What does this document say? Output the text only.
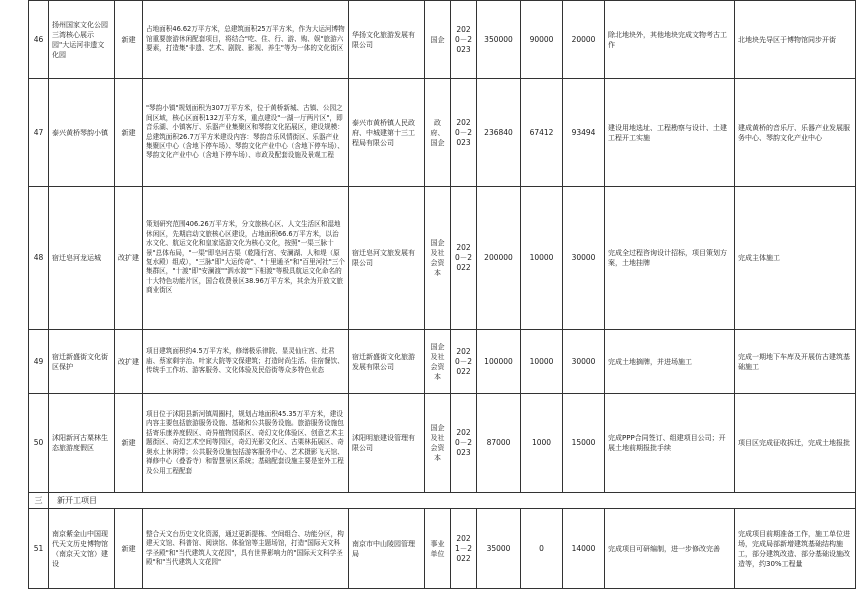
46	扬州国家文化公园三湾核心展示园"大运河非遗文化园	新建	占地面积46.62万平方米，总建筑面积25万平方米，作为大运河博物馆重要旅游休闲配套项目，将结合"吃、住、行、游、购、娱"旅游六要素，打造集"非遗、艺术、剧院、影视、养生"等为一体的文化街区	华扬文化旅游发展有限公司	国企	2020－2023	350000	90000	20000	除北地块外，其他地块完成文物考古工作	北地块先导区于博物馆同步开街
47	泰兴黄桥琴韵小镇	新建	"琴韵小镇"规划面积为307万平方米，位于黄桥新城、古镇、公园之间区域，核心区面积132万平方米，重点建设"一湖一厅两片区"，即音乐湖、小镇客厅、乐器产业集聚区和琴韵文化拓展区，建设规模：总建筑面积26.7万平方米建设内容：琴韵音乐风情街区、乐器产业集聚区中心（含地下停车场）、琴韵文化产业中心（含地下停车场）、琴韵文化产业中心（含地下停车场）、市政及配套设施及景观工程	泰兴市黄桥镇人民政府、中城建第十三工程局有限公司	政府、国企	2020－2023	236840	67412	93494	建设用地选址、工程勘察与设计、土建工程开工实施	建成黄桥的音乐厅、乐器产业发展服务中心、琴韵文化产业中心
48	宿迁皂河龙运城	改扩建	策划研究范围406.26万平方米，分文旅核心区、人文生活区和湿地休闲区，先期启动文旅核心区建设，占地面积66.6万平方米，以治水文化、航运文化和皇家巡游文化为核心文化，按照"一渠三脉十景"总体布局，"一渠"即皂河古渠（乾隆行宫、安澜湖、人和堤（原复水殿）组成），"三脉"即"大运传奇"、"十里通圣"和"百里河社"三个集群区，"十渡"即"安澜渡""泗水渡""下相渡"等极具航运文化命名的十大特色功能片区，国合收费景区38.96万平方米，其余为开放文旅商业街区	宿迁皂河文旅发展有限公司	国企及社会资本	2020－2022	200000	10000	30000	完成全过程咨询设计招标，项目策划方案，土地挂牌	完成主体施工
49	宿迁新盛街文化街区保护	改扩建	项目建筑面积约4.5万平方米，修缮极乐律院、显灵仙庄宫、灶君庙、蔡家剩宇治、叶家大院等文保建筑；打造时尚生活、住宿餐饮、传统手工作坊、游客服务、文化体验及民俗街等众多特色业态	宿迁新盛街文化旅游发展有限公司	国企及社会资本	2020－2022	100000	10000	30000	完成土地摘牌，并进场施工	完成一期地下车库及开展仿古建筑基础施工
50	沭阳新河古栗林生态旅游度假区	新建	项目位于沭阳县新河镇周圈村，规划占地面积45.35万平方米，建设内容主要包括旅游服务设施、基础和公共服务设施。旅游服务设施包括寄乐康养度假区、奇异植物园系区、奇幻文化体验区、创意艺术主题街区、奇幻艺术空间等园区，奇幻光影文化区、古栗林拓展区、奇奥水上休闲带；公共服务设施包括游客服务中心、艺术摄影飞天馆、禅修中心（叠香寺）和智慧景区系统；基础配套设施主要是室外工程及公用工程配套	沭阳明旅建设管理有限公司	国企及社会资本	2020－2023	87000	1000	15000	完成PPP合同签订、组建项目公司；开展土地前期报批手续	项目区完成征收拆迁，完成土地报批
三	新开工项目										
51	南京紫金山中国现代天文历史博物馆（南京天文馆）建设	新建	整合天文台历史文化资源，通过更新提栋、空间组合、功能分区，构建天文馆、科普馆、阅读馆、体验馆等主题场馆，打造"国际天文科学圣殿"和"当代建筑人文花园"，具有世界影响力的"国际天文科学圣殿"和"当代建筑人文花园"	南京市中山陵园管理局	事业单位	2021－2022	35000	0	14000	完成项目可研编制，进一步修改完善	完成项目前期准备工作，施工单位进场，完成局部新增建筑基础结构施工，部分建筑改造、部分基础设施改造等，约30%工程量
